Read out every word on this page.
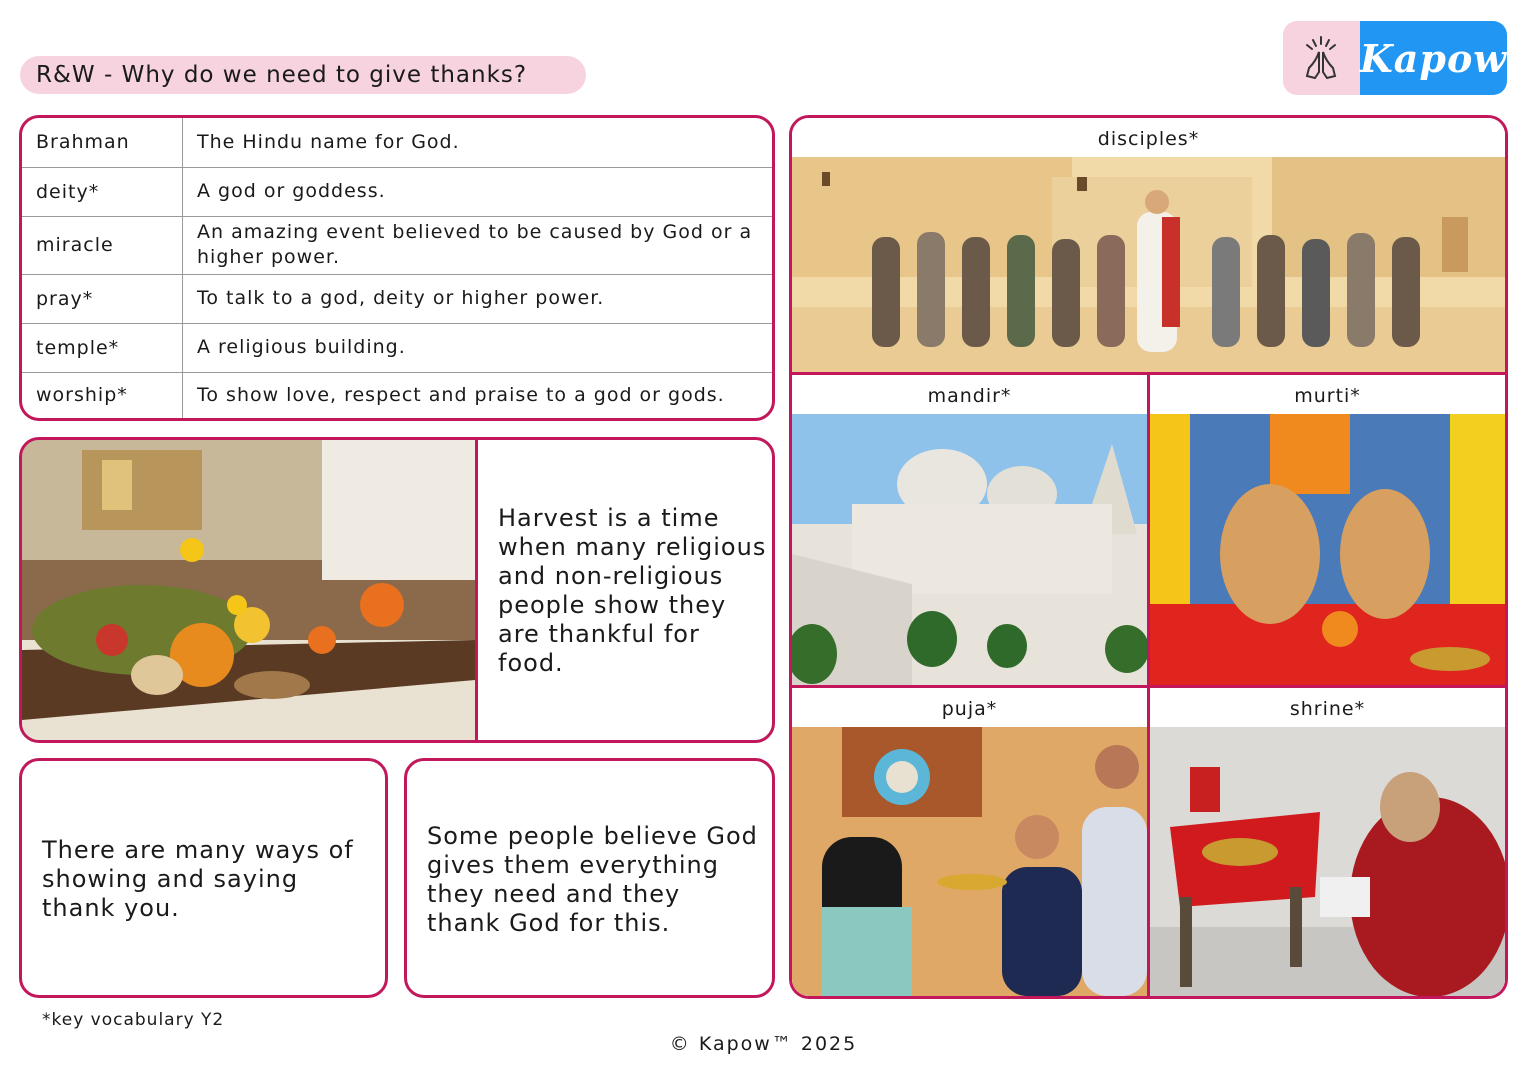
R&W - Why do we need to give thanks?	Kapow
Brahman	The Hindu name for God.
deity*	A god or goddess.
miracle	An amazing event believed to be caused by God or a higher power.
pray*	To talk to a god, deity or higher power.
temple*	A religious building.
worship*	To show love, respect and praise to a god or gods.
Harvest is a time when many religious and non-religious people show they are thankful for food.
There are many ways of showing and saying thank you.
Some people believe God gives them everything they need and they thank God for this.
disciples*
mandir*	murti*
puja*	shrine*
*key vocabulary Y2
© Kapow™ 2025
